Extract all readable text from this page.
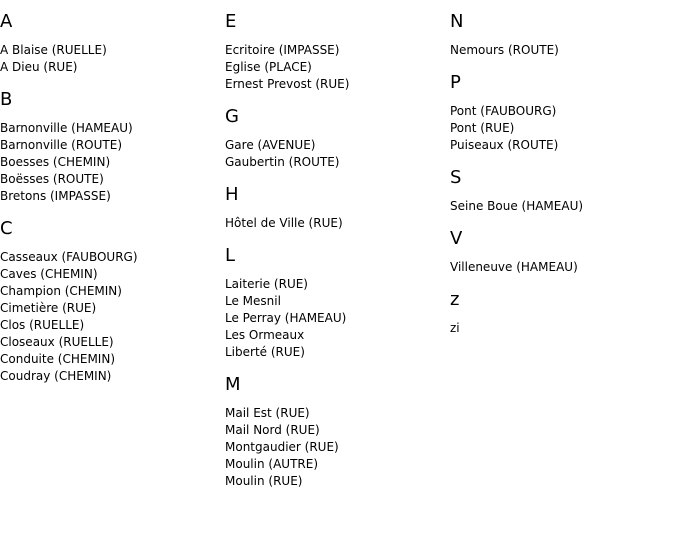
A
A Blaise (RUELLE)
A Dieu (RUE)
B
Barnonville (HAMEAU)
Barnonville (ROUTE)
Boesses (CHEMIN)
Boësses (ROUTE)
Bretons (IMPASSE)
C
Casseaux (FAUBOURG)
Caves (CHEMIN)
Champion (CHEMIN)
Cimetière (RUE)
Clos (RUELLE)
Closeaux (RUELLE)
Conduite (CHEMIN)
Coudray (CHEMIN)
E
Ecritoire (IMPASSE)
Eglise (PLACE)
Ernest Prevost (RUE)
G
Gare (AVENUE)
Gaubertin (ROUTE)
H
Hôtel de Ville (RUE)
L
Laiterie (RUE)
Le Mesnil
Le Perray (HAMEAU)
Les Ormeaux
Liberté (RUE)
M
Mail Est (RUE)
Mail Nord (RUE)
Montgaudier (RUE)
Moulin (AUTRE)
Moulin (RUE)
N
Nemours (ROUTE)
P
Pont (FAUBOURG)
Pont (RUE)
Puiseaux (ROUTE)
S
Seine Boue (HAMEAU)
V
Villeneuve (HAMEAU)
z
zi
